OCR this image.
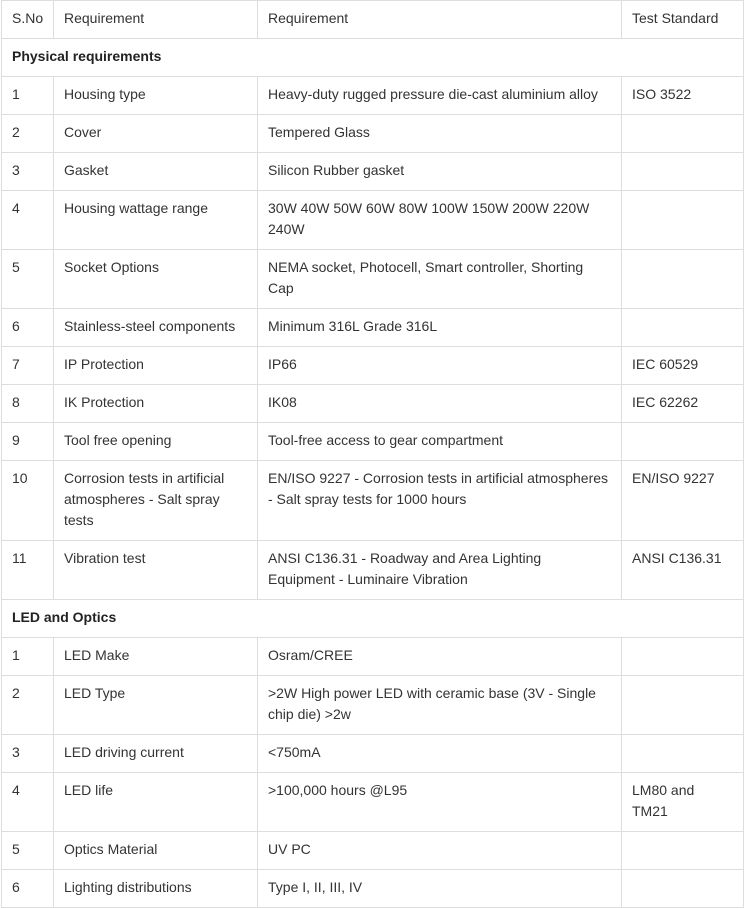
S.No	Requirement	Requirement	Test Standard
Physical requirements			
1	Housing type	Heavy-duty rugged pressure die-cast aluminium alloy	ISO 3522
2	Cover	Tempered Glass	
3	Gasket	Silicon Rubber gasket	
4	Housing wattage range	30W 40W 50W 60W 80W 100W 150W 200W 220W 240W	
5	Socket Options	NEMA socket, Photocell, Smart controller, Shorting Cap	
6	Stainless-steel components	Minimum 316L Grade 316L	
7	IP Protection	IP66	IEC 60529
8	IK Protection	IK08	IEC 62262
9	Tool free opening	Tool-free access to gear compartment	
10	Corrosion tests in artificial atmospheres - Salt spray tests	EN/ISO 9227 - Corrosion tests in artificial atmospheres - Salt spray tests for 1000 hours	EN/ISO 9227
11	Vibration test	ANSI C136.31 - Roadway and Area Lighting Equipment - Luminaire Vibration	ANSI C136.31
LED and Optics			
1	LED Make	Osram/CREE	
2	LED Type	>2W High power LED with ceramic base (3V - Single chip die) >2w	
3	LED driving current	<750mA	
4	LED life	>100,000 hours @L95	LM80 and TM21
5	Optics Material	UV PC	
6	Lighting distributions	Type I, II, III, IV	
